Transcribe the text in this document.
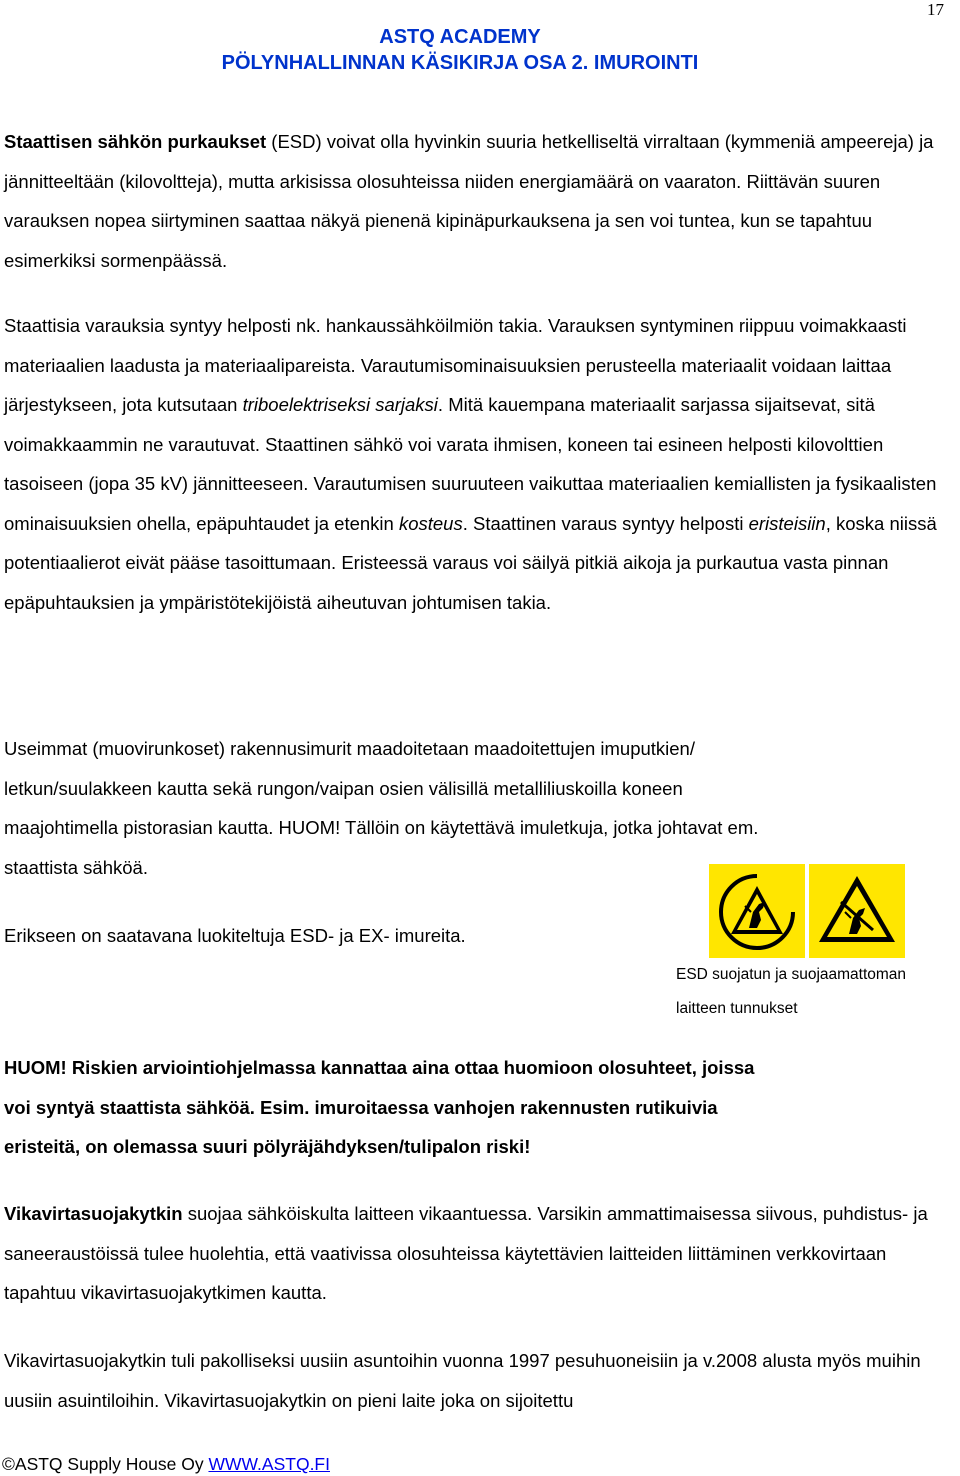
17
ASTQ ACADEMY
PÖLYNHALLINNAN KÄSIKIRJA OSA 2. IMUROINTI

Staattisen sähkön purkaukset (ESD) voivat olla hyvinkin suuria hetkelliseltä virraltaan (kymmeniä ampeereja) ja jännitteeltään (kilovoltteja), mutta arkisissa olosuhteissa niiden energiamäärä on vaaraton. Riittävän suuren varauksen nopea siirtyminen saattaa näkyä pienenä kipinäpurkauksena ja sen voi tuntea, kun se tapahtuu esimerkiksi sormenpäässä.

Staattisia varauksia syntyy helposti nk. hankaussähköilmiön takia. Varauksen syntyminen riippuu voimakkaasti materiaalien laadusta ja materiaalipareista. Varautumisominaisuuksien perusteella materiaalit voidaan laittaa järjestykseen, jota kutsutaan triboelektriseksi sarjaksi. Mitä kauempana materiaalit sarjassa sijaitsevat, sitä voimakkaammin ne varautuvat. Staattinen sähkö voi varata ihmisen, koneen tai esineen helposti kilovolttien tasoiseen (jopa 35 kV) jännitteeseen. Varautumisen suuruuteen vaikuttaa materiaalien kemiallisten ja fysikaalisten ominaisuuksien ohella, epäpuhtaudet ja etenkin kosteus. Staattinen varaus syntyy helposti eristeisiin, koska niissä potentiaalierot eivät pääse tasoittumaan. Eristeessä varaus voi säilyä pitkiä aikoja ja purkautua vasta pinnan epäpuhtauksien ja ympäristötekijöistä aiheutuvan johtumisen takia.

Useimmat (muovirunkoset) rakennusimurit maadoitetaan maadoitettujen imuputkien/
letkun/suulakkeen kautta sekä rungon/vaipan osien välisillä metalliliuskoilla koneen
maajohtimella pistorasian kautta. HUOM! Tällöin on käytettävä imuletkuja, jotka johtavat em.
staattista sähköä.

Erikseen on saatavana luokiteltuja ESD- ja EX- imureita.

ESD suojatun ja suojaamattoman
laitteen tunnukset
HUOM! Riskien arviointiohjelmassa kannattaa aina ottaa huomioon olosuhteet, joissa
voi syntyä staattista sähköä. Esim. imuroitaessa vanhojen rakennusten rutikuivia
eristeitä, on olemassa suuri pölyräjähdyksen/tulipalon riski!

Vikavirtasuojakytkin suojaa sähköiskulta laitteen vikaantuessa. Varsikin ammattimaisessa siivous, puhdistus- ja saneeraustöissä tulee huolehtia, että vaativissa olosuhteissa käytettävien laitteiden liittäminen verkkovirtaan tapahtuu vikavirtasuojakytkimen kautta.

Vikavirtasuojakytkin tuli pakolliseksi uusiin asuntoihin vuonna 1997 pesuhuoneisiin ja v.2008 alusta myös muihin uusiin asuintiloihin. Vikavirtasuojakytkin on pieni laite joka on sijoitettu

©ASTQ Supply House Oy WWW.ASTQ.FI
